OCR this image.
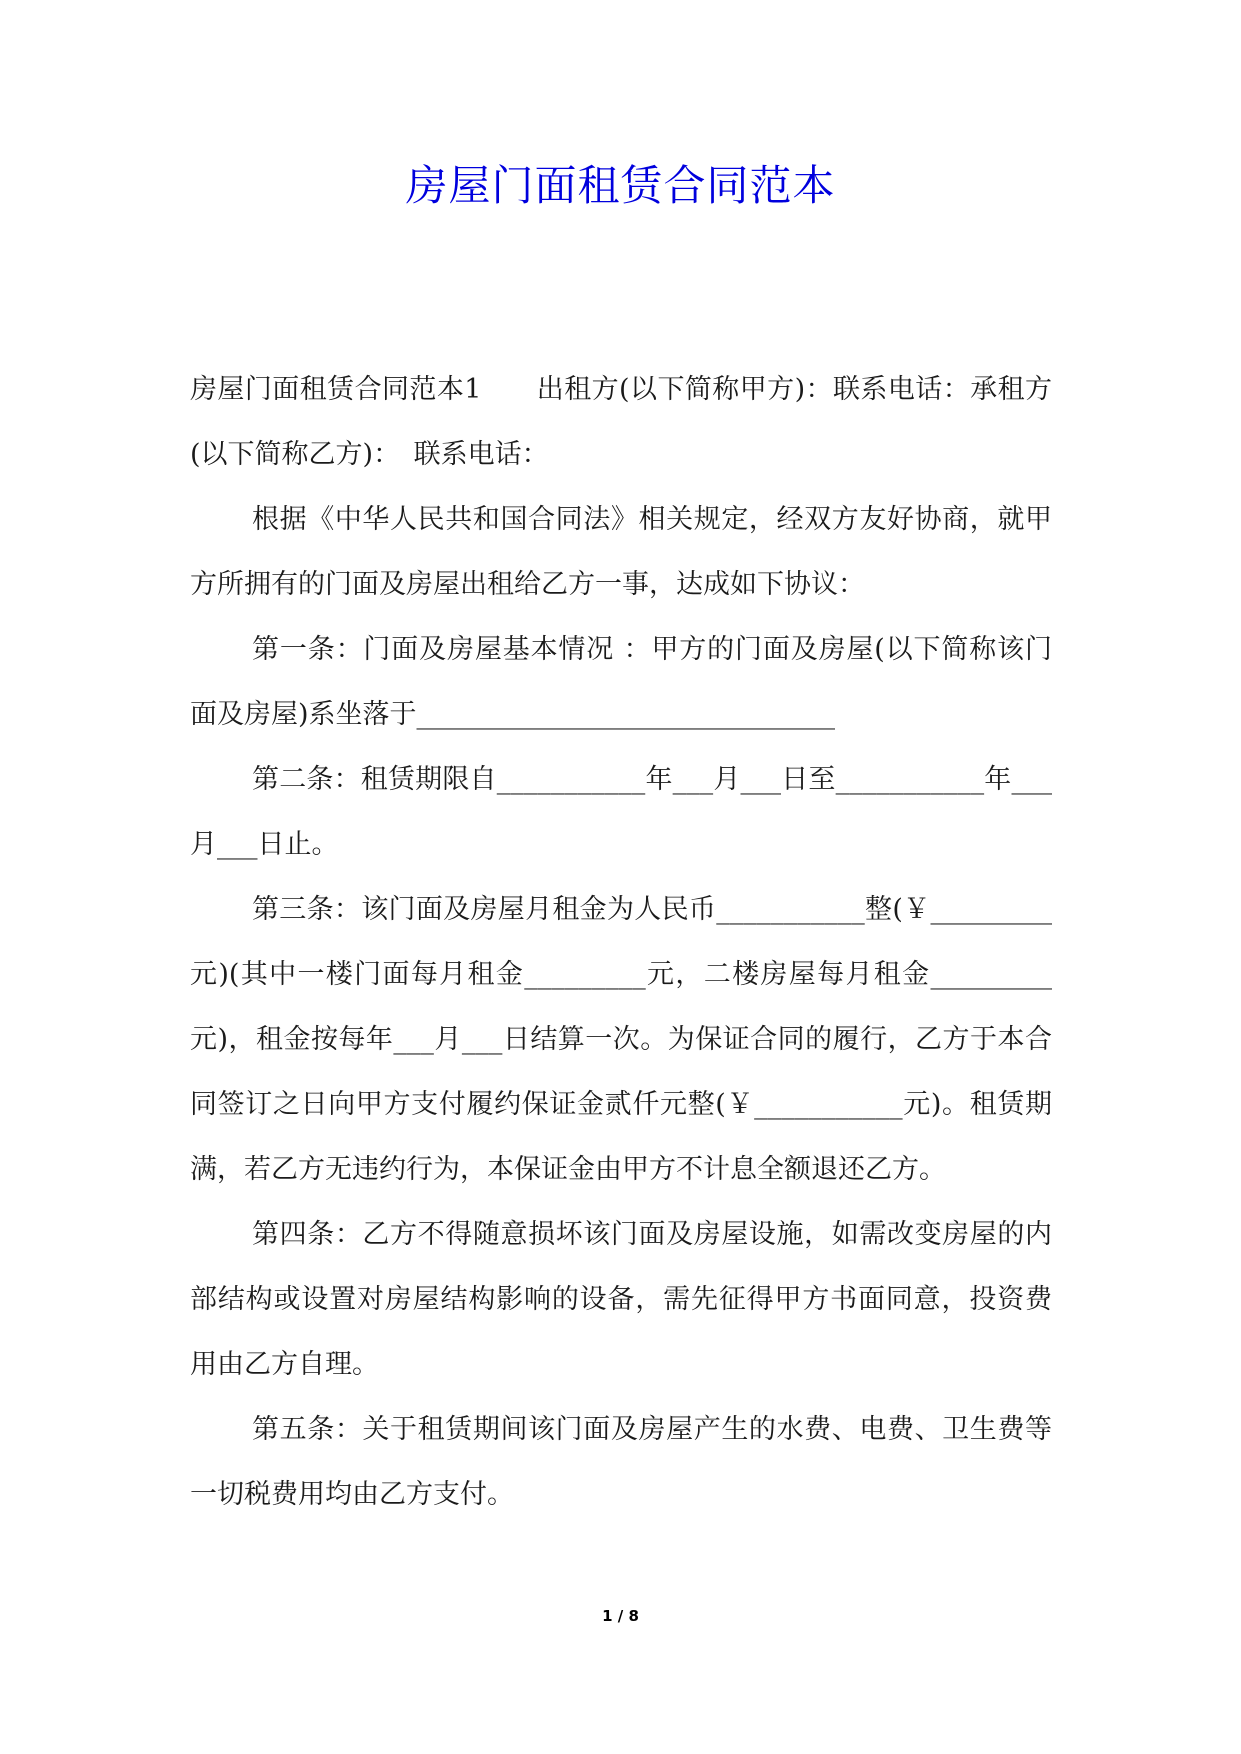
房屋门面租赁合同范本

房屋门面租赁合同范本1　　出租方(以下简称甲方)：联系电话：承租方(以下简称乙方)：　联系电话：

根据《中华人民共和国合同法》相关规定，经双方友好协商，就甲方所拥有的门面及房屋出租给乙方一事，达成如下协议：

第一条：门面及房屋基本情况 ：甲方的门面及房屋(以下简称该门面及房屋)系坐落于_______________________________

第二条：租赁期限自___________年___月___日至___________年___月___日止。

第三条：该门面及房屋月租金为人民币___________整(￥_________元)(其中一楼门面每月租金_________元，二楼房屋每月租金_________元)，租金按每年___月___日结算一次。为保证合同的履行，乙方于本合同签订之日向甲方支付履约保证金贰仟元整(￥___________元)。租赁期满，若乙方无违约行为，本保证金由甲方不计息全额退还乙方。

第四条：乙方不得随意损坏该门面及房屋设施，如需改变房屋的内部结构或设置对房屋结构影响的设备，需先征得甲方书面同意，投资费用由乙方自理。

第五条：关于租赁期间该门面及房屋产生的水费、电费、卫生费等一切税费用均由乙方支付。

1 / 8
